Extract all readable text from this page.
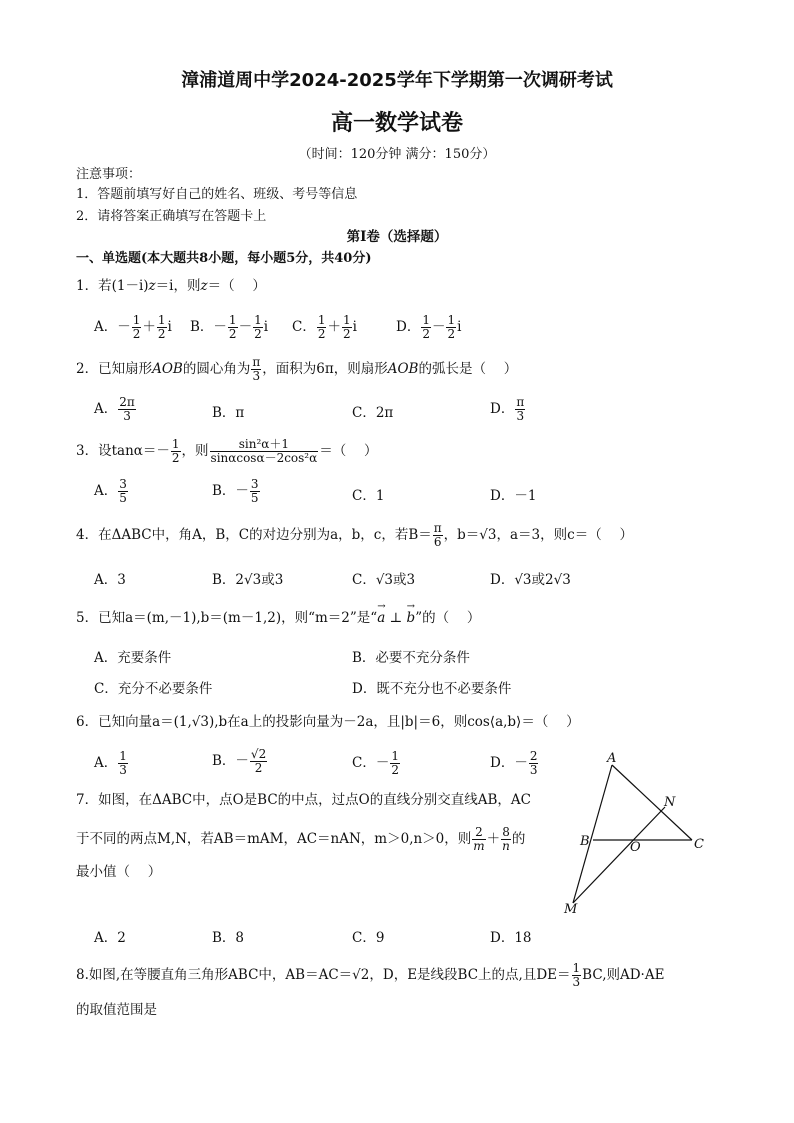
漳浦道周中学2024-2025学年下学期第一次调研考试
高一数学试卷
（时间：120分钟 满分：150分）
注意事项：
1．答题前填写好自己的姓名、班级、考号等信息
2．请将答案正确填写在答题卡上
第Ⅰ卷（选择题）
一、单选题(本大题共8小题，每小题5分，共40分)
1．若(1－i)z＝i，则z＝（　 ）
A．－ $\frac{1}{2} + \frac{1}{2}$ i B．－ $\frac{1}{2} - \frac{1}{2}$ i C． $\frac{1}{2} + \frac{1}{2}$ i	D． $\frac{1}{2} - \frac{1}{2}$ i
2．已知扇形AOB的圆心角为 $\frac{\pi}{3}$ ，面积为6π，则扇形AOB的弧长是（　 ）
A． $\frac{2\pi}{3}$	B．π	C．2π	D． $\frac{\pi}{3}$
3．设$\tan\alpha=- \frac{1}{2}$ ，则 $\frac{\text{sin²α＋1}}{\text{sinαcosα－2cos²α}}$ ＝（　 ）
A． $\frac{3}{5}$	B．－ $\frac{3}{5}$	C．1	D．－1
4．在ΔABC中，角A，B，C的对边分别为a，b，c，若$B= \frac{\pi}{6}$ ，b＝√3，a＝3，则c＝（　 ）
A．3	B．2√3或3	C．√3或3	D．√3或2√3
5．已知a＝(m,－1),b＝(m－1,2)，则“m＝2”是“→ a ⊥ → b”的（　 ）
A．充要条件	B．必要不充分条件
C．充分不必要条件	D．既不充分也不必要条件
6．已知向量a＝(1,√3),b在a上的投影向量为－2a，且|b|＝6，则cos⟨a,b⟩＝（　 ）
A． $\frac{1}{3}$	B．－ $\frac{√2}{2}$	C．－ $\frac{1}{2}$	D．－ $\frac{2}{3}$
7．如图，在ΔABC中，点O是BC的中点，过点O的直线分别交直线AB，AC
于不同的两点M,N，若AB＝mAM，AC＝nAN，m＞0,n＞0，则 $\frac{2}{m} + \frac{8}{n}$ 的
最小值（　 ）
A．2	B．8	C．9	D．18
A
N
B	O	C
M
8.如图,在等腰直角三角形ABC中，AB＝AC＝√2，D，E是线段BC上的点,且$DE= \frac{1}{3}$ BC,则AD·AE
的取值范围是
